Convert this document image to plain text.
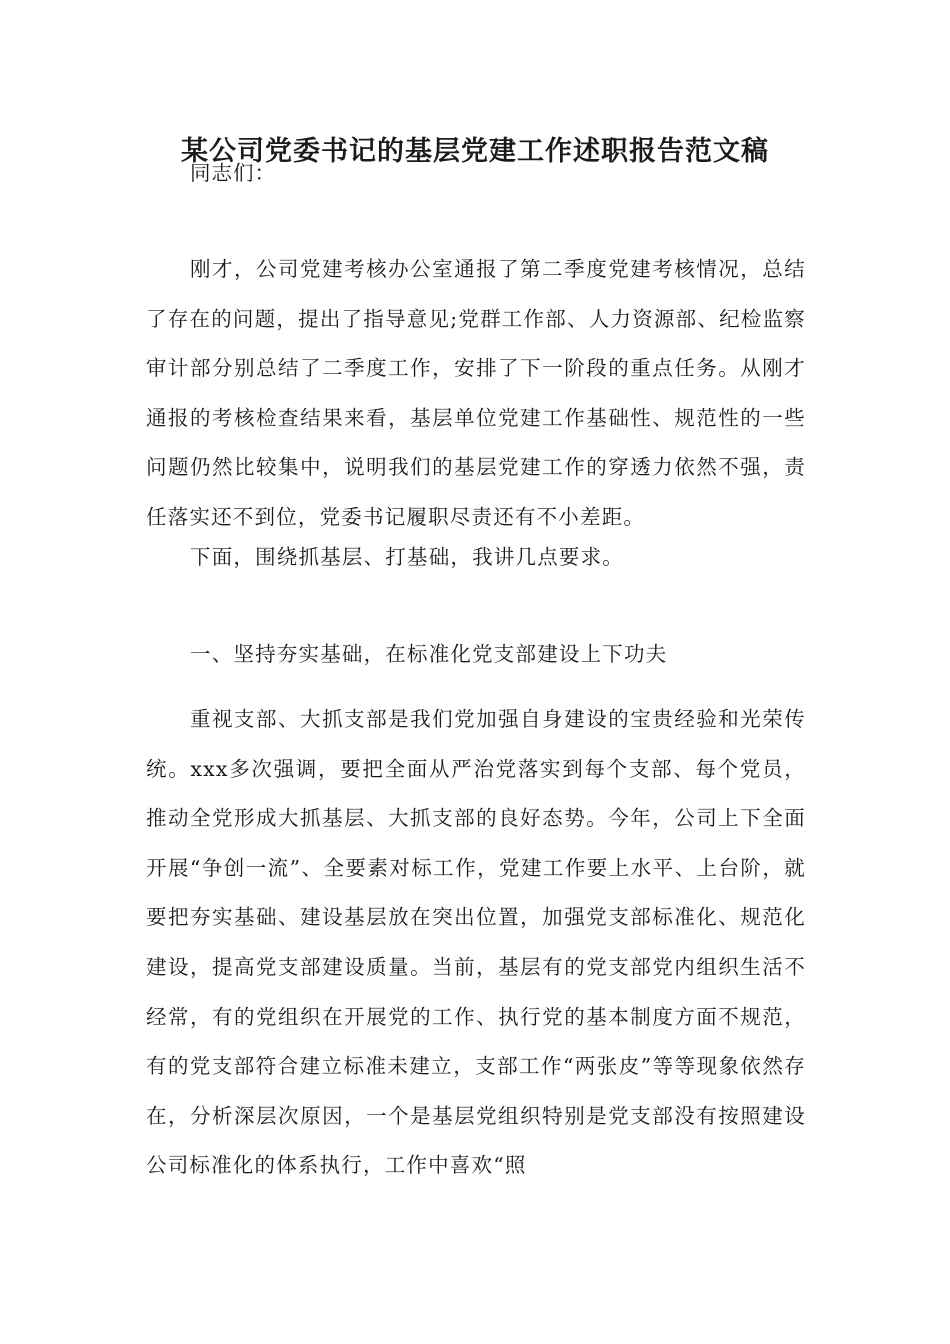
某公司党委书记的基层党建工作述职报告范文稿
同志们：
刚才，公司党建考核办公室通报了第二季度党建考核情况，总结了存在的问题，提出了指导意见;党群工作部、人力资源部、纪检监察审计部分别总结了二季度工作，安排了下一阶段的重点任务。从刚才通报的考核检查结果来看，基层单位党建工作基础性、规范性的一些问题仍然比较集中，说明我们的基层党建工作的穿透力依然不强，责任落实还不到位，党委书记履职尽责还有不小差距。
下面，围绕抓基层、打基础，我讲几点要求。
一、坚持夯实基础，在标准化党支部建设上下功夫
重视支部、大抓支部是我们党加强自身建设的宝贵经验和光荣传统。xxx多次强调，要把全面从严治党落实到每个支部、每个党员，推动全党形成大抓基层、大抓支部的良好态势。今年，公司上下全面开展“争创一流”、全要素对标工作，党建工作要上水平、上台阶，就要把夯实基础、建设基层放在突出位置，加强党支部标准化、规范化建设，提高党支部建设质量。当前，基层有的党支部党内组织生活不经常，有的党组织在开展党的工作、执行党的基本制度方面不规范，有的党支部符合建立标准未建立，支部工作“两张皮”等等现象依然存在，分析深层次原因，一个是基层党组织特别是党支部没有按照建设公司标准化的体系执行，工作中喜欢“照
